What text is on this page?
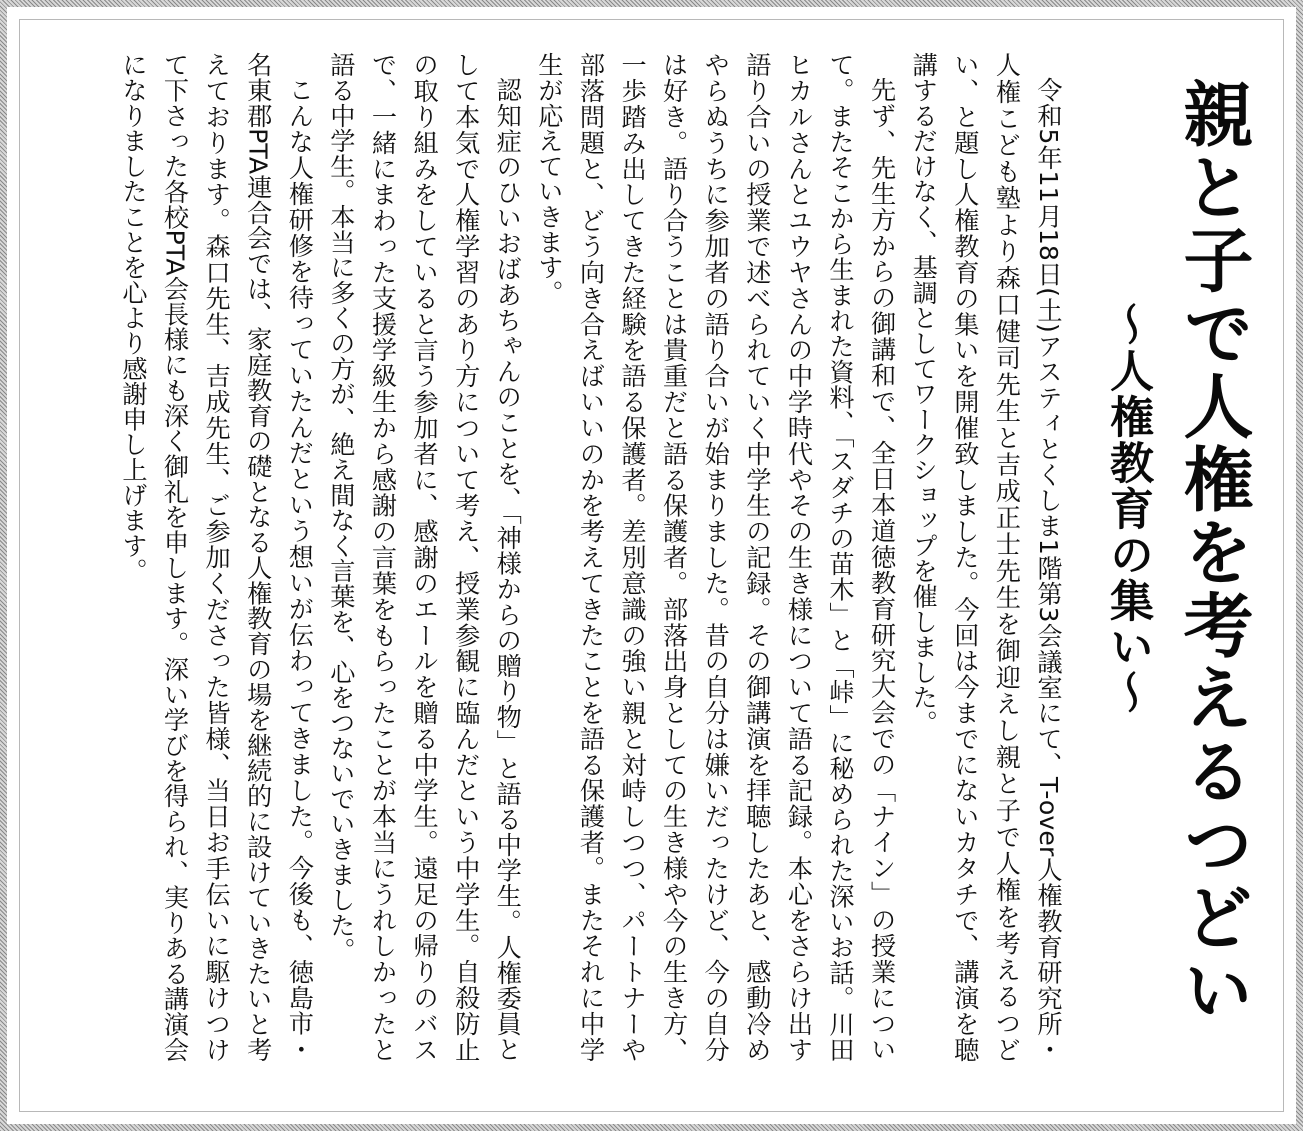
親と子で人権を考えるつどい
～人権教育の集い～

令和5年11月18日(土)アスティとくしま1階第3会議室にて、T-over人権教育研究所・人権こども塾より森口健司先生と吉成正士先生を御迎えし親と子で人権を考えるつどい、と題し人権教育の集いを開催致しました。今回は今までにないカタチで、講演を聴講するだけなく、基調としてワークショップを催しました。

先ず、先生方からの御講和で、全日本道徳教育研究大会での「ナイン」の授業について。またそこから生まれた資料、「スダチの苗木」と「峠」に秘められた深いお話。川田ヒカルさんとユウヤさんの中学時代やその生き様について語る記録。本心をさらけ出す語り合いの授業で述べられていく中学生の記録。その御講演を拝聴したあと、感動冷めやらぬうちに参加者の語り合いが始まりました。昔の自分は嫌いだったけど、今の自分は好き。語り合うことは貴重だと語る保護者。部落出身としての生き様や今の生き方、一歩踏み出してきた経験を語る保護者。差別意識の強い親と対峙しつつ、パートナーや部落問題と、どう向き合えばいいのかを考えてきたことを語る保護者。またそれに中学生が応えていきます。

認知症のひいおばあちゃんのことを、「神様からの贈り物」と語る中学生。人権委員として本気で人権学習のあり方について考え、授業参観に臨んだという中学生。自殺防止の取り組みをしていると言う参加者に、感謝のエールを贈る中学生。遠足の帰りのバスで、一緒にまわった支援学級生から感謝の言葉をもらったことが本当にうれしかったと語る中学生。本当に多くの方が、絶え間なく言葉を、心をつないでいきました。

こんな人権研修を待っていたんだという想いが伝わってきました。今後も、徳島市・名東郡PTA連合会では、家庭教育の礎となる人権教育の場を継続的に設けていきたいと考えております。森口先生、吉成先生、ご参加くださった皆様、当日お手伝いに駆けつけて下さった各校PTA会長様にも深く御礼を申します。深い学びを得られ、実りある講演会になりましたことを心より感謝申し上げます。
